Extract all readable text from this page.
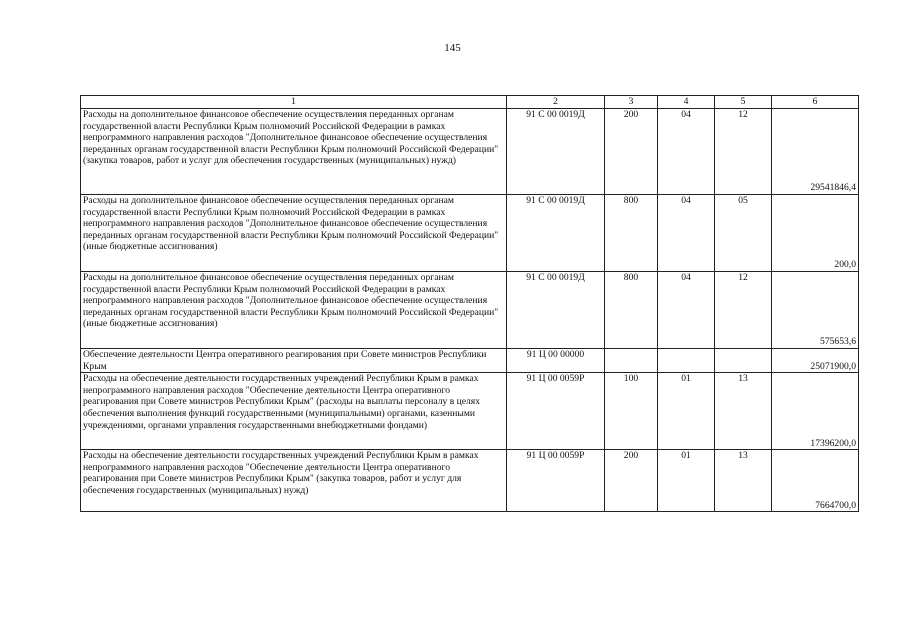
145
1	2	3	4	5	6
Расходы на дополнительное финансовое обеспечение осуществления переданных органам государственной власти Республики Крым полномочий Российской Федерации в рамках непрограммного направления расходов "Дополнительное финансовое обеспечение осуществления переданных органам государственной власти Республики Крым полномочий Российской Федерации" (закупка товаров, работ и услуг для обеспечения государственных (муниципальных) нужд)	91 С 00 0019Д	200	04	12	29541846,4
Расходы на дополнительное финансовое обеспечение осуществления переданных органам государственной власти Республики Крым полномочий Российской Федерации в рамках непрограммного направления расходов "Дополнительное финансовое обеспечение осуществления переданных органам государственной власти Республики Крым полномочий Российской Федерации" (иные бюджетные ассигнования)	91 С 00 0019Д	800	04	05	200,0
Расходы на дополнительное финансовое обеспечение осуществления переданных органам государственной власти Республики Крым полномочий Российской Федерации в рамках непрограммного направления расходов "Дополнительное финансовое обеспечение осуществления переданных органам государственной власти Республики Крым полномочий Российской Федерации" (иные бюджетные ассигнования)	91 С 00 0019Д	800	04	12	575653,6
Обеспечение деятельности Центра оперативного реагирования при Совете министров Республики Крым	91 Ц 00 00000				25071900,0
Расходы на обеспечение деятельности государственных учреждений Республики Крым в рамках непрограммного направления расходов "Обеспечение деятельности Центра оперативного реагирования при Совете министров Республики Крым" (расходы на выплаты персоналу в целях обеспечения выполнения функций государственными (муниципальными) органами, казенными учреждениями, органами управления государственными внебюджетными фондами)	91 Ц 00 0059Р	100	01	13	17396200,0
Расходы на обеспечение деятельности государственных учреждений Республики Крым в рамках непрограммного направления расходов "Обеспечение деятельности Центра оперативного реагирования при Совете министров Республики Крым" (закупка товаров, работ и услуг для обеспечения государственных (муниципальных) нужд)	91 Ц 00 0059Р	200	01	13	7664700,0
